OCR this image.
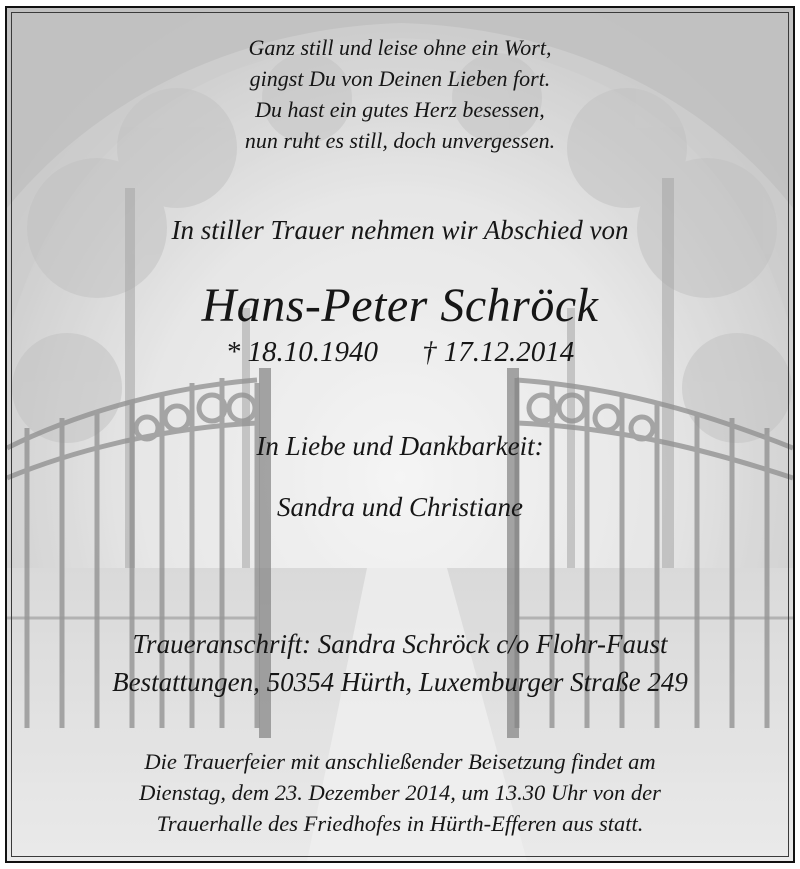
Ganz still und leise ohne ein Wort,
gingst Du von Deinen Lieben fort.
Du hast ein gutes Herz besessen,
nun ruht es still, doch unvergessen.
In stiller Trauer nehmen wir Abschied von
Hans-Peter Schröck
* 18.10.1940 † 17.12.2014
In Liebe und Dankbarkeit:
Sandra und Christiane
Traueranschrift: Sandra Schröck c/o Flohr-Faust
Bestattungen, 50354 Hürth, Luxemburger Straße 249
Die Trauerfeier mit anschließender Beisetzung findet am
Dienstag, dem 23. Dezember 2014, um 13.30 Uhr von der
Trauerhalle des Friedhofes in Hürth-Efferen aus statt.
